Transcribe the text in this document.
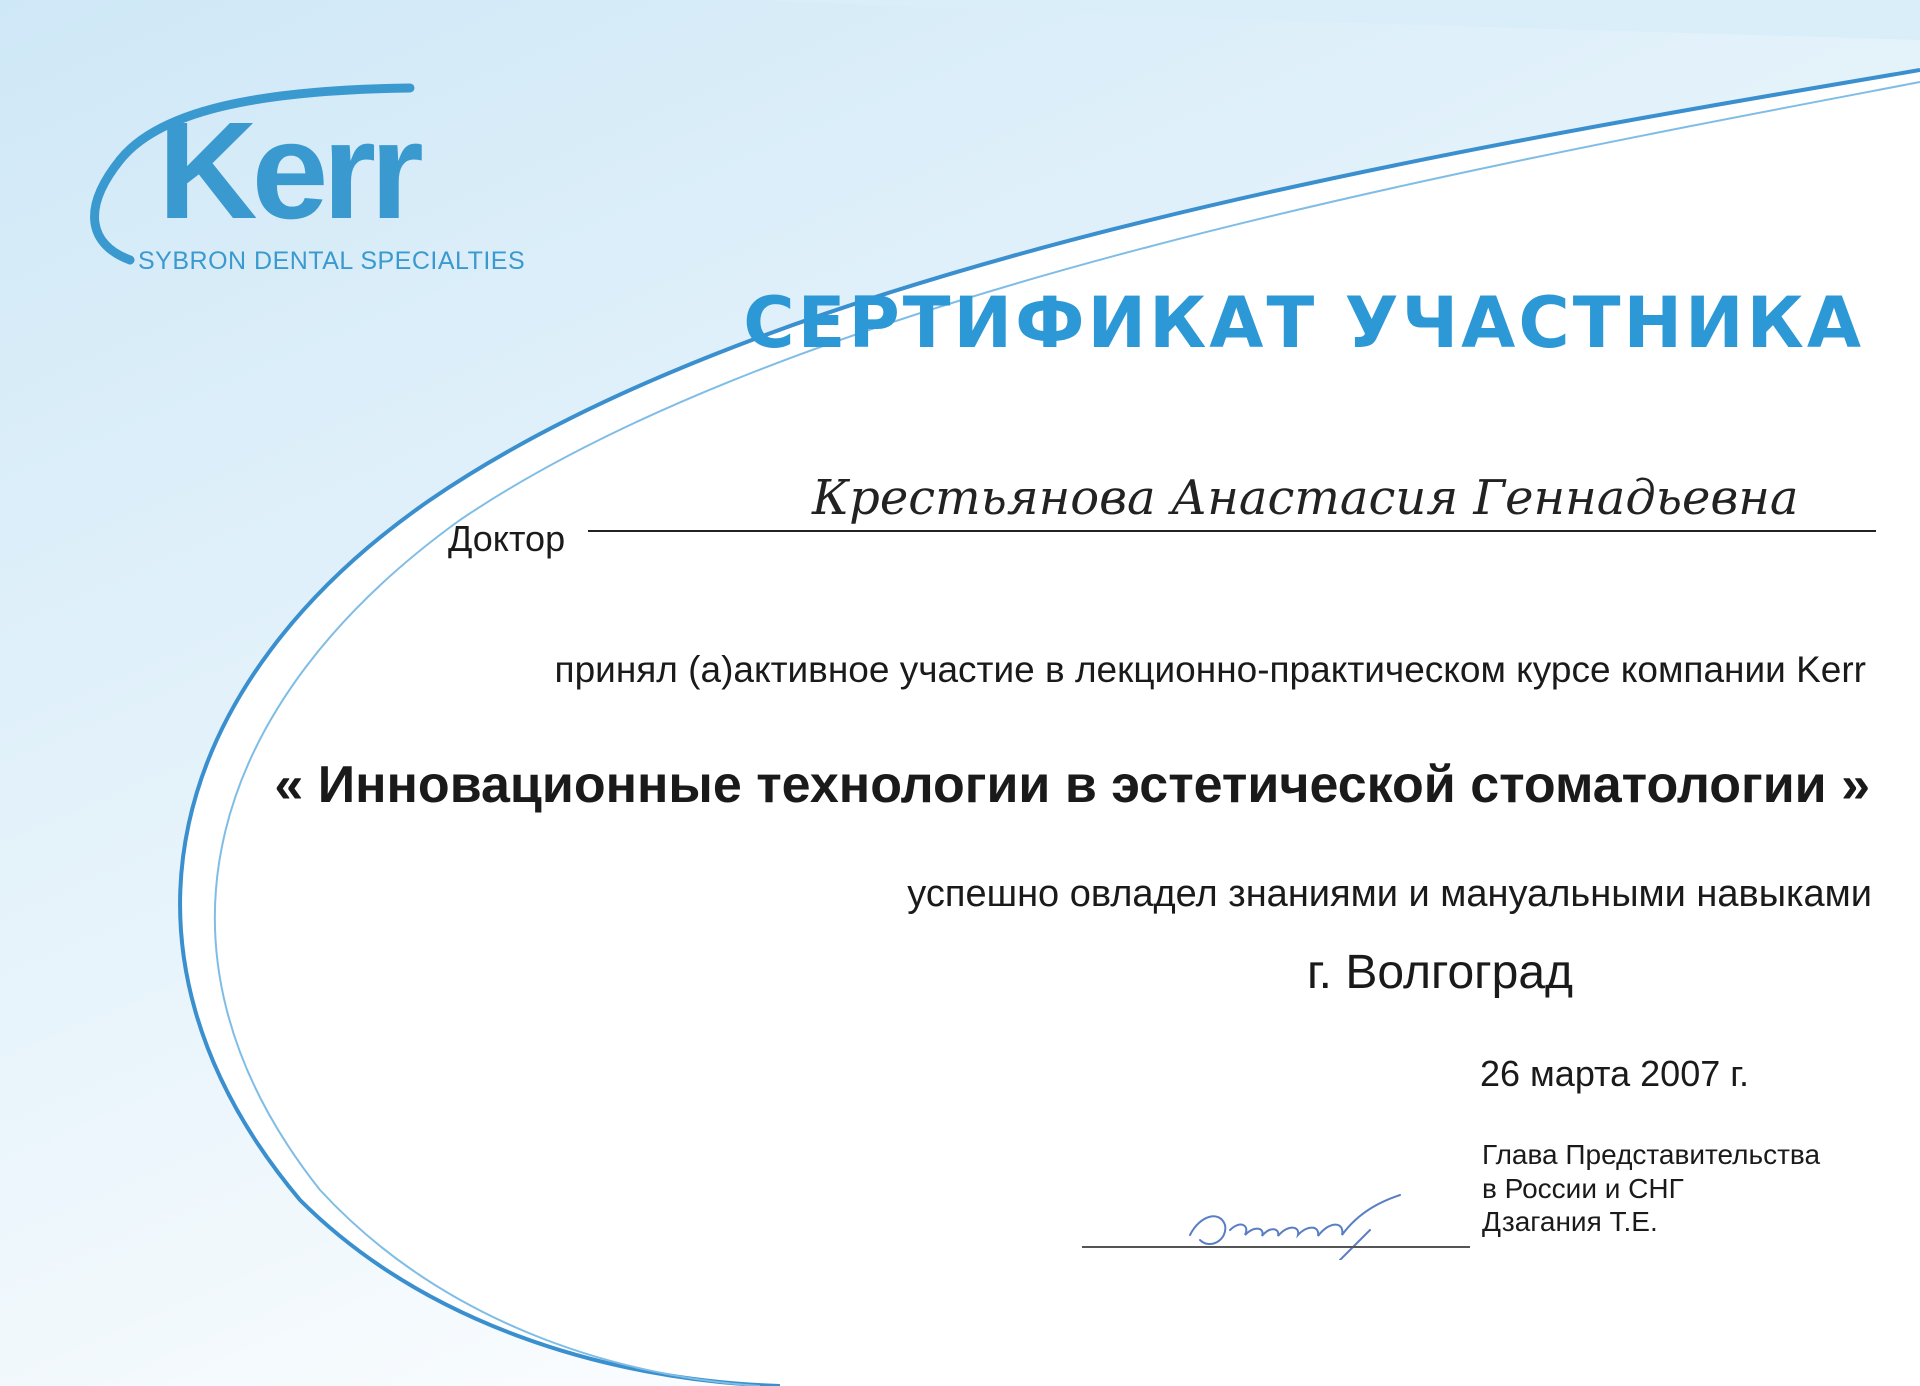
Kerr
SYBRON DENTAL SPECIALTIES
СЕРТИФИКАТ УЧАСТНИКА
Доктор
Крестьянова Анастасия Геннадьевна
принял (а)активное участие в лекционно-практическом курсе компании Kerr
« Инновационные технологии в эстетической стоматологии »
успешно овладел знаниями и мануальными навыками
г. Волгоград
26 марта 2007 г.
Глава Представительства
в России и СНГ
Дзагания Т.Е.
